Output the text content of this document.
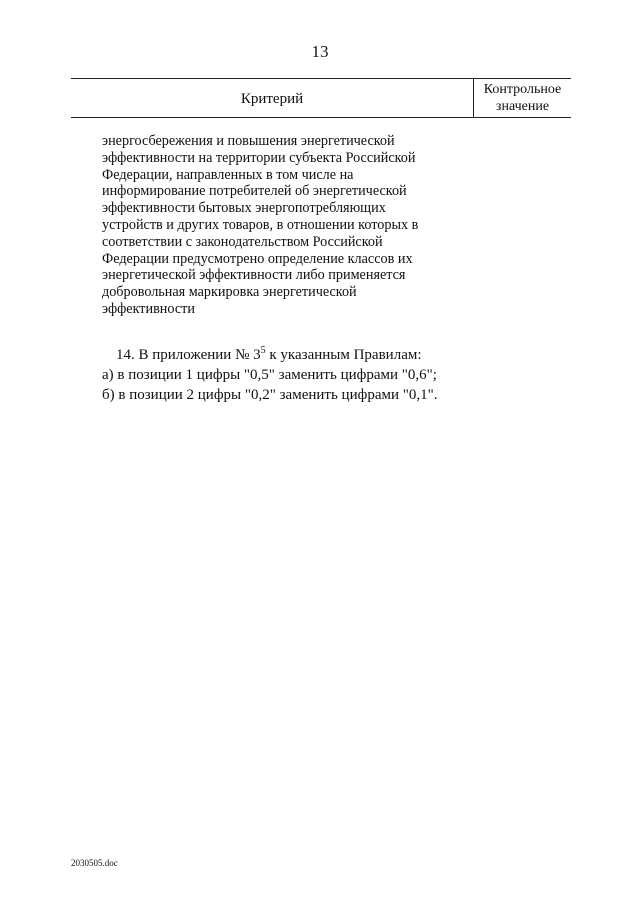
13
Критерий
Контрольное
значение
энергосбережения и повышения энергетической
эффективности на территории субъекта Российской
Федерации, направленных в том числе на
информирование потребителей об энергетической
эффективности бытовых энергопотребляющих
устройств и других товаров, в отношении которых в
соответствии с законодательством Российской
Федерации предусмотрено определение классов их
энергетической эффективности либо применяется
добровольная маркировка энергетической
эффективности
14. В приложении № $3^5$ к указанным Правилам:
а) в позиции 1 цифры "0,5" заменить цифрами "0,6";
б) в позиции 2 цифры "0,2" заменить цифрами "0,1".
2030505.doc
